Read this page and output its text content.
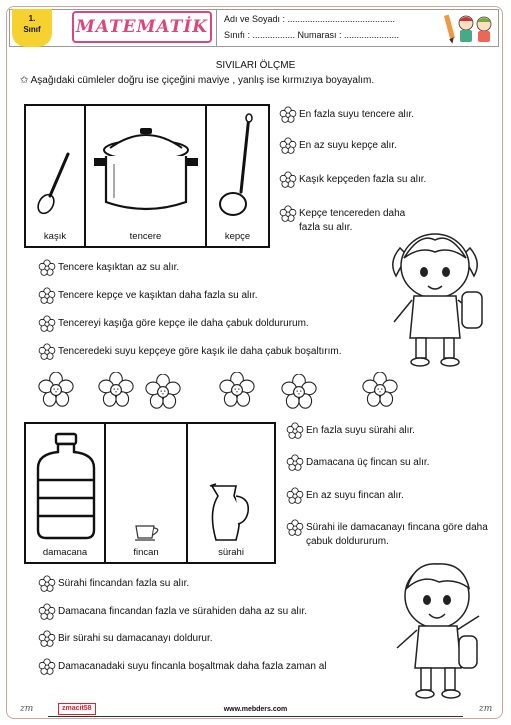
1.
Sınıf	MATEMATİK	Adı ve Soyadı : ...........................................
Sınıfı : ................. Numarası : ......................
SIVILARI ÖLÇME
✩ Aşağıdaki cümleler doğru ise çiçeğini maviye , yanlış ise kırmızıya boyayalım.
kaşık	tencere	kepçe
En fazla suyu tencere alır.
En az suyu kepçe alır.
Kaşık kepçeden fazla su alır.
Kepçe tencereden daha fazla su alır.
Tencere kaşıktan az su alır.
Tencere kepçe ve kaşıktan daha fazla su alır.
Tencereyi kaşığa göre kepçe ile daha çabuk doldururum.
Tenceredeki suyu kepçeye göre kaşık ile daha çabuk boşaltırım.
damacana	fincan	sürahi
En fazla suyu sürahi alır.
Damacana üç fincan su alır.
En az suyu fincan alır.
Sürahi ile damacanayı fincana göre daha çabuk doldururum.
Sürahi fincandan fazla su alır.
Damacana fincandan fazla ve sürahiden daha az su alır.
Bir sürahi su damacanayı doldurur.
Damacanadaki suyu fincanla boşaltmak daha fazla zaman al
zm	zmacit58	www.mebders.com	zm
